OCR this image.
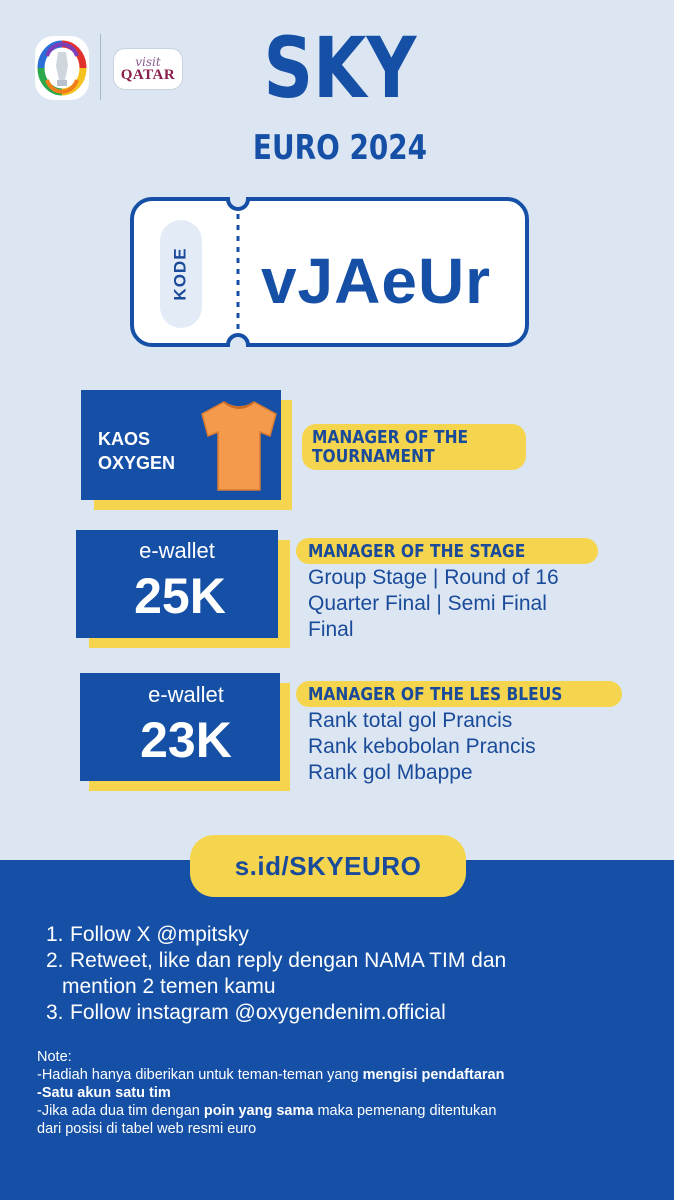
visit
QATAR SKY
EURO 2024
KODE	vJAeUr
KAOS
OXYGEN
MANAGER OF THE
TOURNAMENT
e-wallet
25K
MANAGER OF THE STAGE
Group Stage | Round of 16
Quarter Final | Semi Final
Final
e-wallet
23K
MANAGER OF THE LES BLEUS
Rank total gol Prancis
Rank kebobolan Prancis
Rank gol Mbappe
s.id/SKYEURO
1. Follow X @mpitsky
2. Retweet, like dan reply dengan NAMA TIM dan
mention 2 temen kamu
3. Follow instagram @oxygendenim.official
Note:
-Hadiah hanya diberikan untuk teman-teman yang mengisi pendaftaran
-Satu akun satu tim
-Jika ada dua tim dengan poin yang sama maka pemenang ditentukan
dari posisi di tabel web resmi euro
